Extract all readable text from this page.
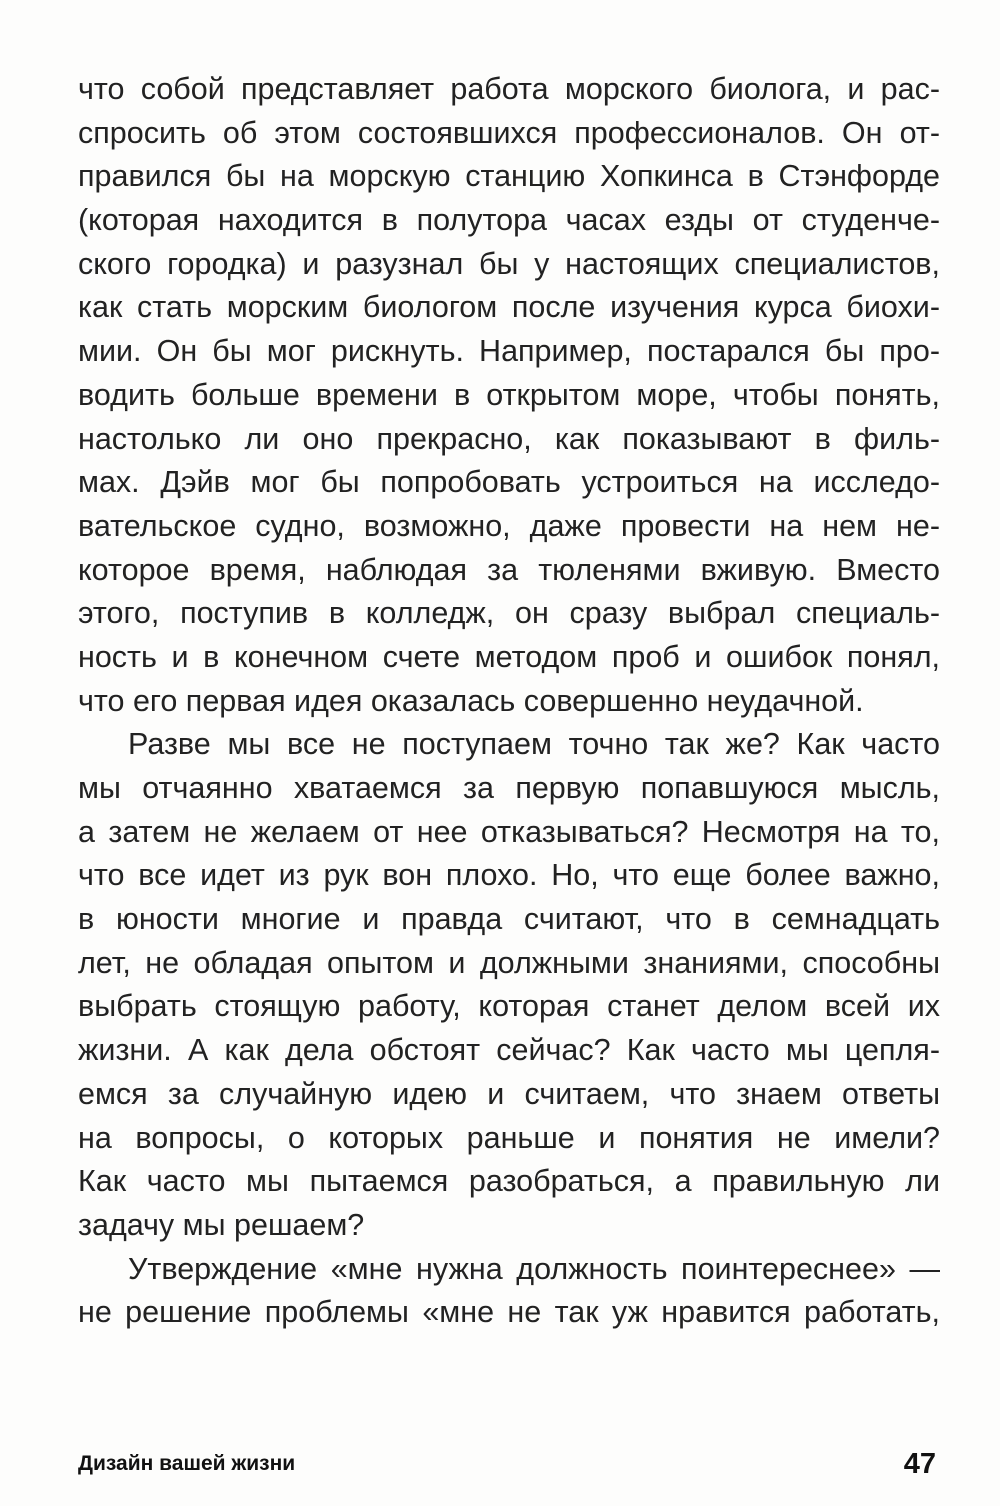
что собой представляет работа морского биолога, и рас-
спросить об этом состоявшихся профессионалов. Он от-
правился бы на морскую станцию Хопкинса в Стэнфорде
(которая находится в полутора часах езды от студенче-
ского городка) и разузнал бы у настоящих специалистов,
как стать морским биологом после изучения курса биохи-
мии. Он бы мог рискнуть. Например, постарался бы про-
водить больше времени в открытом море, чтобы понять,
настолько ли оно прекрасно, как показывают в филь-
мах. Дэйв мог бы попробовать устроиться на исследо-
вательское судно, возможно, даже провести на нем не-
которое время, наблюдая за тюленями вживую. Вместо
этого, поступив в колледж, он сразу выбрал специаль-
ность и в конечном счете методом проб и ошибок понял,
что его первая идея оказалась совершенно неудачной.
Разве мы все не поступаем точно так же? Как часто
мы отчаянно хватаемся за первую попавшуюся мысль,
а затем не желаем от нее отказываться? Несмотря на то,
что все идет из рук вон плохо. Но, что еще более важно,
в юности многие и правда считают, что в семнадцать
лет, не обладая опытом и должными знаниями, способны
выбрать стоящую работу, которая станет делом всей их
жизни. А как дела обстоят сейчас? Как часто мы цепля-
емся за случайную идею и считаем, что знаем ответы
на вопросы, о которых раньше и понятия не имели?
Как часто мы пытаемся разобраться, а правильную ли
задачу мы решаем?
Утверждение «мне нужна должность поинтереснее» —
не решение проблемы «мне не так уж нравится работать,
Дизайн вашей жизни	47
